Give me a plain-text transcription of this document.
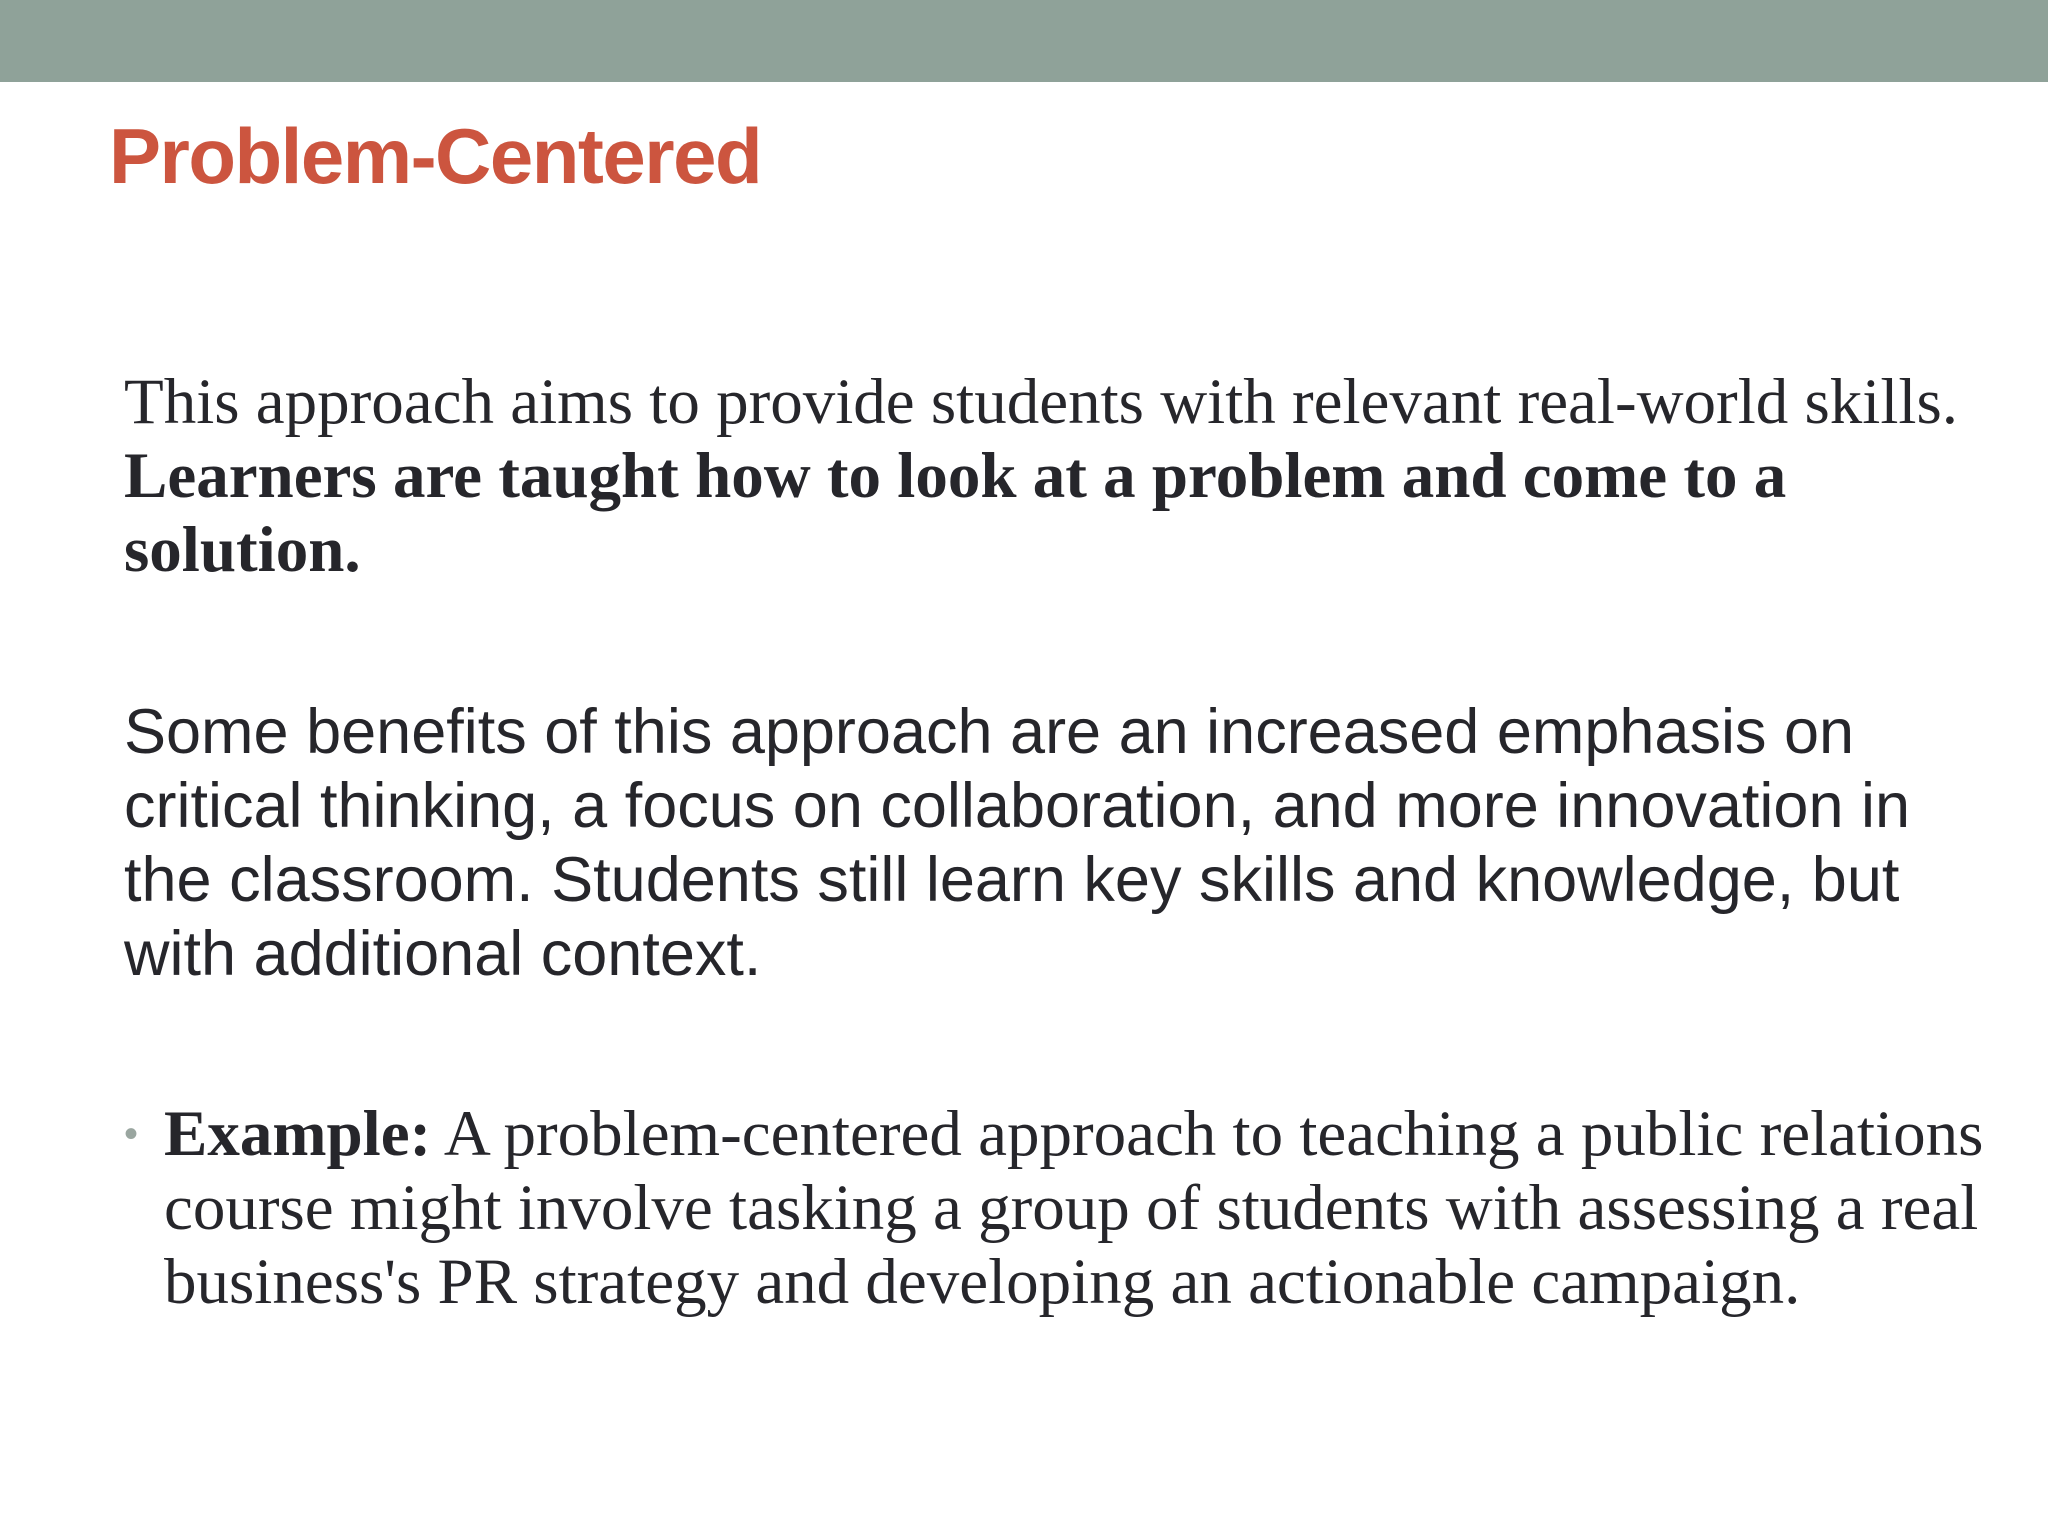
Problem-Centered

This approach aims to provide students with relevant real-world skills. Learners are taught how to look at a problem and come to a solution.

Some benefits of this approach are an increased emphasis on critical thinking, a focus on collaboration, and more innovation in the classroom. Students still learn key skills and knowledge, but with additional context.

• Example: A problem-centered approach to teaching a public relations course might involve tasking a group of students with assessing a real business's PR strategy and developing an actionable campaign.
